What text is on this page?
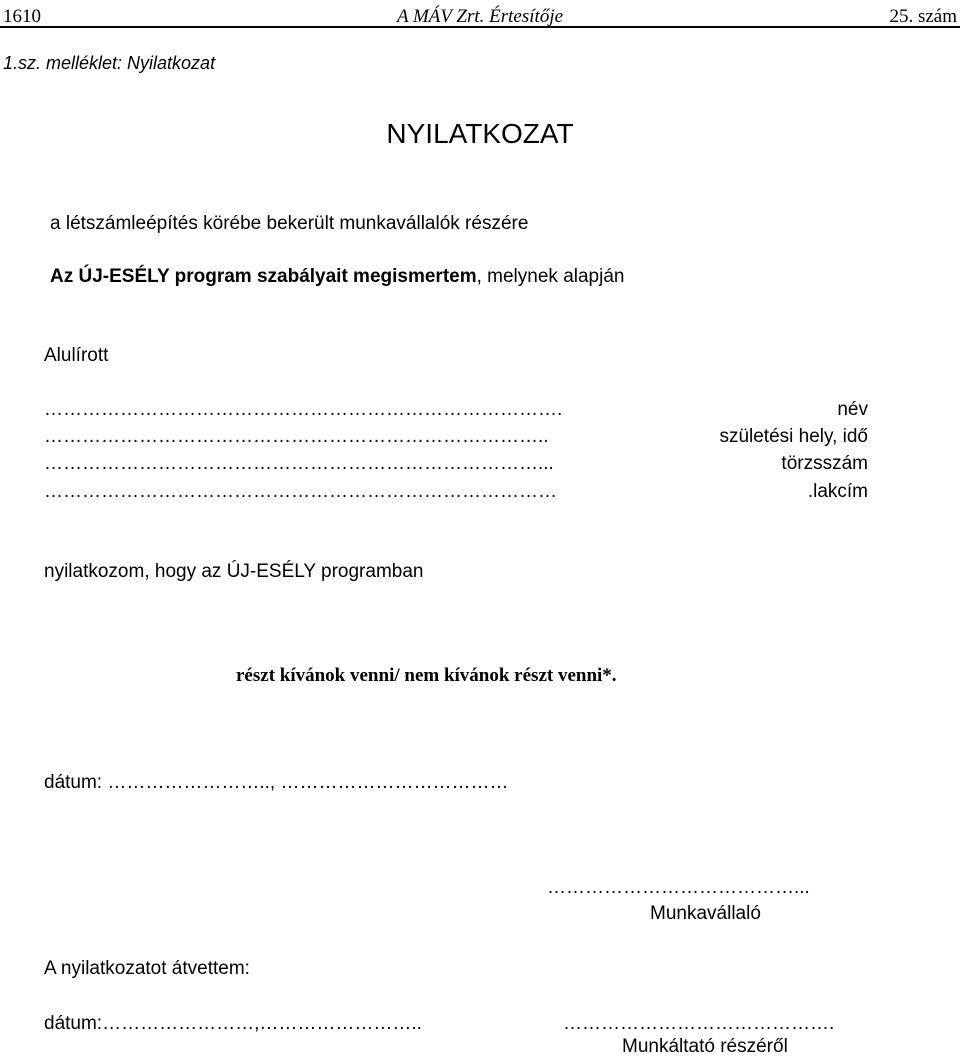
1610	A MÁV Zrt. Értesítője	25. szám
1.sz. melléklet: Nyilatkozat
NYILATKOZAT
a létszámleépítés körébe bekerült munkavállalók részére
Az ÚJ-ESÉLY program szabályait megismertem, melynek alapján
Alulírott
……………………………………………………………………….	név
……………………………………………………………………..	születési hely, idő
……………………………………………………………………...	törzsszám
………………………………………………………………………	.lakcím
nyilatkozom, hogy az ÚJ-ESÉLY programban
részt kívánok venni/ nem kívánok részt venni*.
dátum: …………………….., ………………………………
…………………………………...
Munkavállaló
A nyilatkozatot átvettem:
dátum:……………………,……………………..	…………………………………….
Munkáltató részéről
